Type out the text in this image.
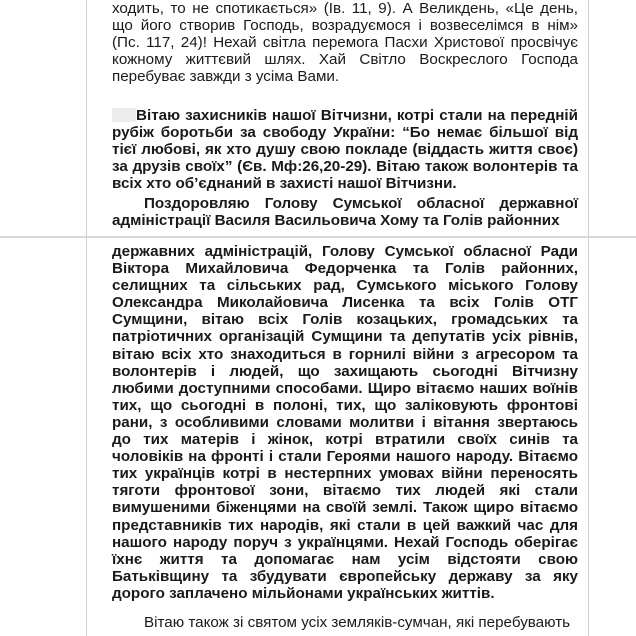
ходить, то не спотикається» (Ів. 11, 9). А Великдень, «Це день, що його створив Господь, возрадуємося і возвеселімся в нім» (Пс. 117, 24)! Нехай світла перемога Пасхи Христової просвічує кожному життєвий шлях. Хай Світло Воскреслого Господа перебуває завжди з усіма Вами.

Вітаю захисників нашої Вітчизни, котрі стали на передній рубіж боротьби за свободу України: “Бо немає більшої від тієї любові, як хто душу свою покладе (віддасть життя своє) за друзів своїх” (Єв. Мф:26,20-29). Вітаю також волонтерів та всіх хто об’єднаний в захисті нашої Вітчизни.

Поздоровляю Голову Сумської обласної державної адміністрації Василя Васильовича Хому та Голів районних

державних адміністрацій, Голову Сумської обласної Ради Віктора Михайловича Федорченка та Голів районних, селищних та сільських рад, Сумського міського Голову Олександра Миколайовича Лисенка та всіх Голів ОТГ Сумщини, вітаю всіх Голів козацьких, громадських та патріотичних організацій Сумщини та депутатів усіх рівнів, вітаю всіх хто знаходиться в горнилі війни з агресором та волонтерів і людей, що захищають сьогодні Вітчизну любими доступними способами. Щиро вітаємо наших воїнів тих, що сьогодні в полоні, тих, що заліковують фронтові рани, з особливими словами молитви і вітання звертаюсь до тих матерів і жінок, котрі втратили своїх синів та чоловіків на фронті і стали Героями нашого народу. Вітаємо тих українців котрі в нестерпних умовах війни переносять тяготи фронтової зони, вітаємо тих людей які стали вимушеними біженцями на своїй землі. Також щиро вітаємо представників тих народів, які стали в цей важкий час для нашого народу поруч з українцями. Нехай Господь оберігає їхнє життя та допомагає нам усім відстояти свою Батьківщину та збудувати європейську державу за яку дорого заплачено мільйонами українських життів.

Вітаю також зі святом усіх земляків-сумчан, які перебувають
